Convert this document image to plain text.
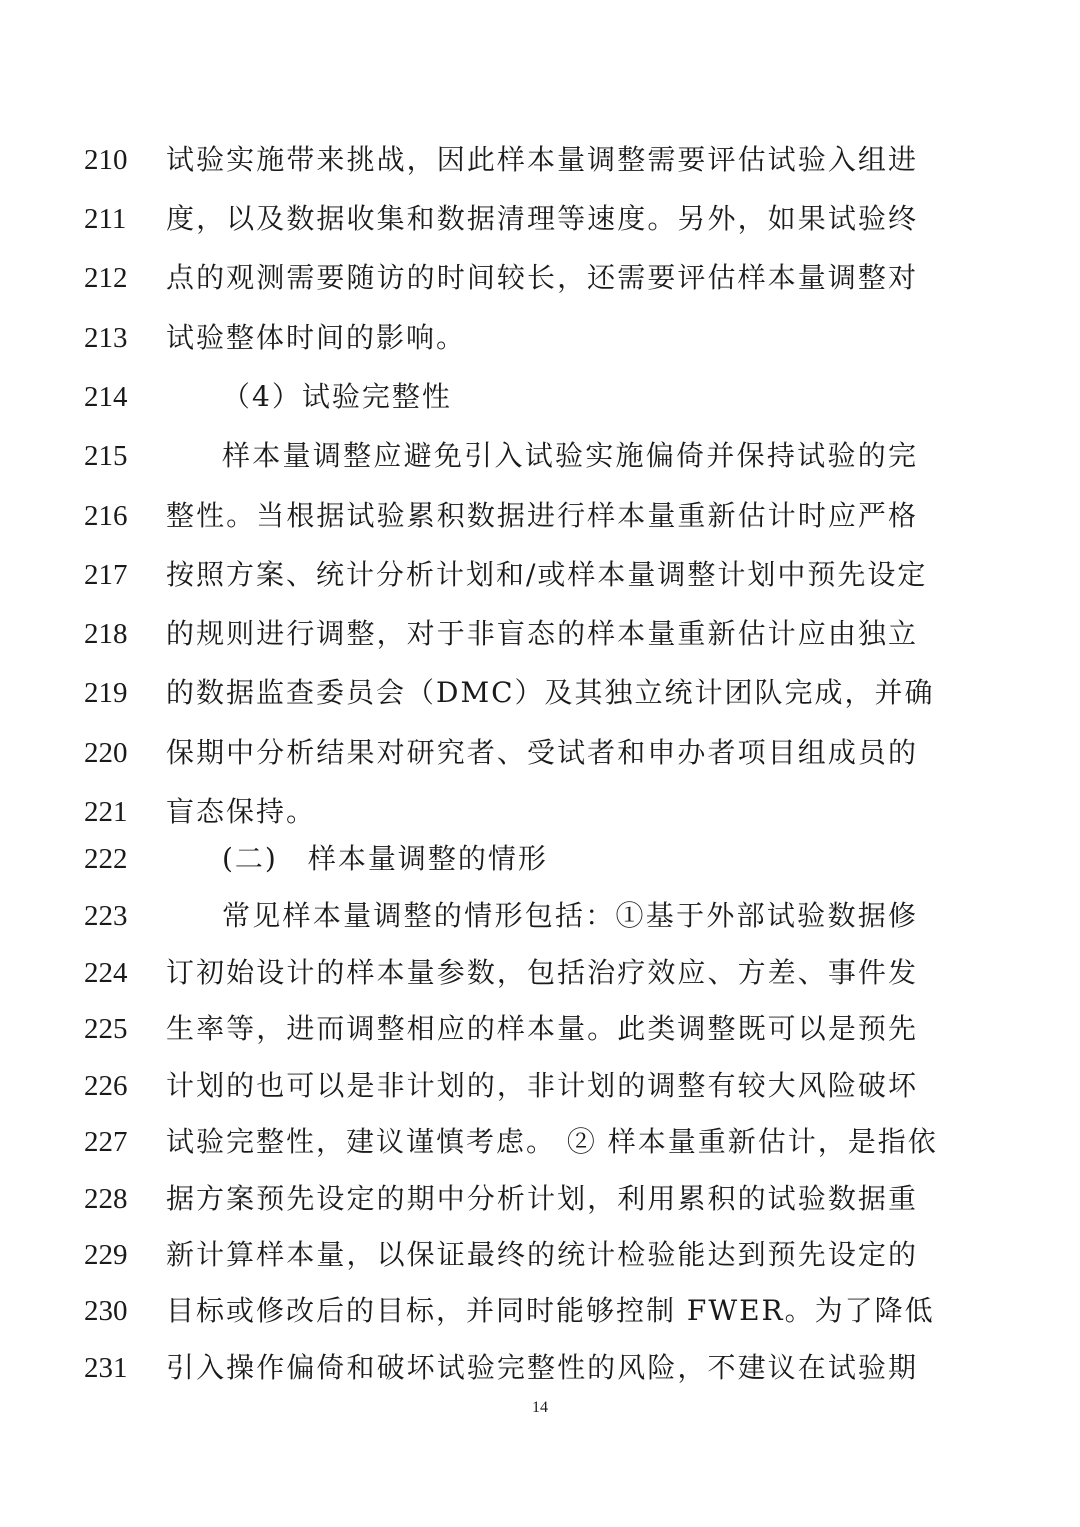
210	试验实施带来挑战，因此样本量调整需要评估试验入组进
211	度，以及数据收集和数据清理等速度。另外，如果试验终
212	点的观测需要随访的时间较长，还需要评估样本量调整对
213	试验整体时间的影响。
214	（4）试验完整性
215	样本量调整应避免引入试验实施偏倚并保持试验的完
216	整性。当根据试验累积数据进行样本量重新估计时应严格
217	按照方案、统计分析计划和/或样本量调整计划中预先设定
218	的规则进行调整，对于非盲态的样本量重新估计应由独立
219	的数据监查委员会（DMC）及其独立统计团队完成，并确
220	保期中分析结果对研究者、受试者和申办者项目组成员的
221	盲态保持。
222	(二)　样本量调整的情形
223	常见样本量调整的情形包括：①基于外部试验数据修
224	订初始设计的样本量参数，包括治疗效应、方差、事件发
225	生率等，进而调整相应的样本量。此类调整既可以是预先
226	计划的也可以是非计划的，非计划的调整有较大风险破坏
227	试验完整性，建议谨慎考虑。 ② 样本量重新估计，是指依
228	据方案预先设定的期中分析计划，利用累积的试验数据重
229	新计算样本量，以保证最终的统计检验能达到预先设定的
230	目标或修改后的目标，并同时能够控制 FWER。为了降低
231	引入操作偏倚和破坏试验完整性的风险，不建议在试验期
14
